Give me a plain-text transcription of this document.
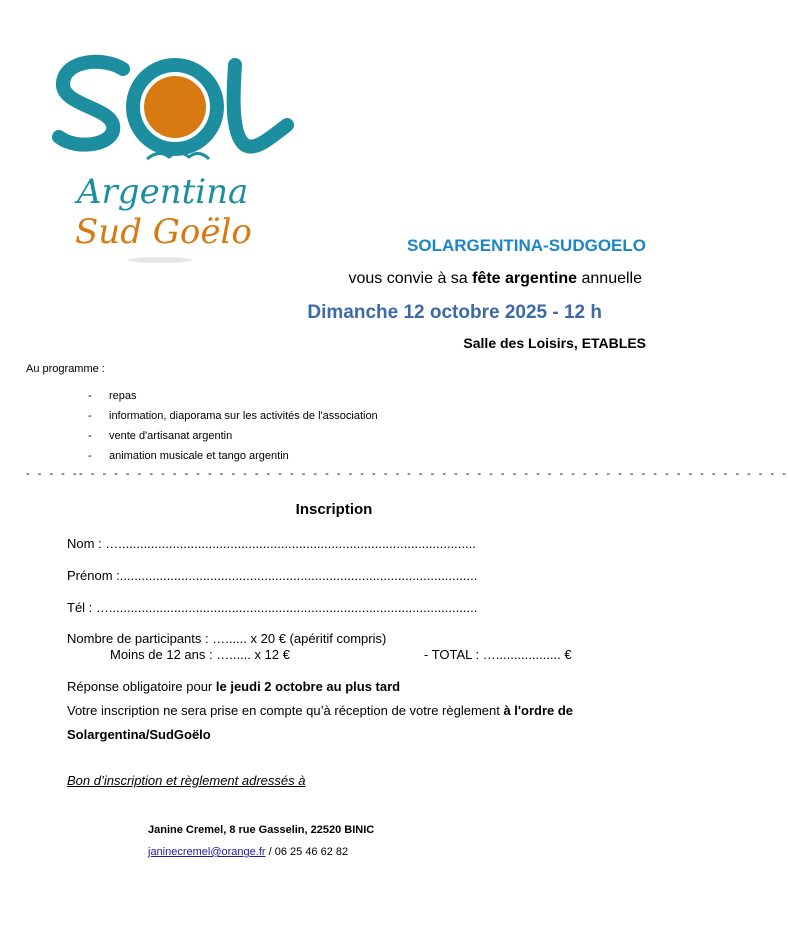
Argentina
Sud Goëlo	SOLARGENTINA-SUDGOELO
vous convie à sa fête argentine annuelle
Dimanche 12 octobre 2025 - 12 h
Salle des Loisirs, ETABLES
Au programme :
- repas
- information, diaporama sur les activités de l'association
- vente d'artisanat argentin
- animation musicale et tango argentin
- - - - -- - - - - - - - - - - - - - - - - - - - - - - - - - - - - - - - - - - - - - - - - - - - - - - - - - - - - - - - - - - - -
Inscription
Nom : …...................................................................................................
Prénom :...................................................................................................
Tél : …......................................................................................................
Nombre de participants : …...... x 20 € (apéritif compris)
Moins de 12 ans : …...... x 12 €	- TOTAL : ….................. €
Réponse obligatoire pour le jeudi 2 octobre au plus tard
Votre inscription ne sera prise en compte qu’à réception de votre règlement à l'ordre de
Solargentina/SudGoëlo
Bon d’inscription et règlement adressés à
Janine Cremel, 8 rue Gasselin, 22520 BINIC
janinecremel@orange.fr / 06 25 46 62 82
